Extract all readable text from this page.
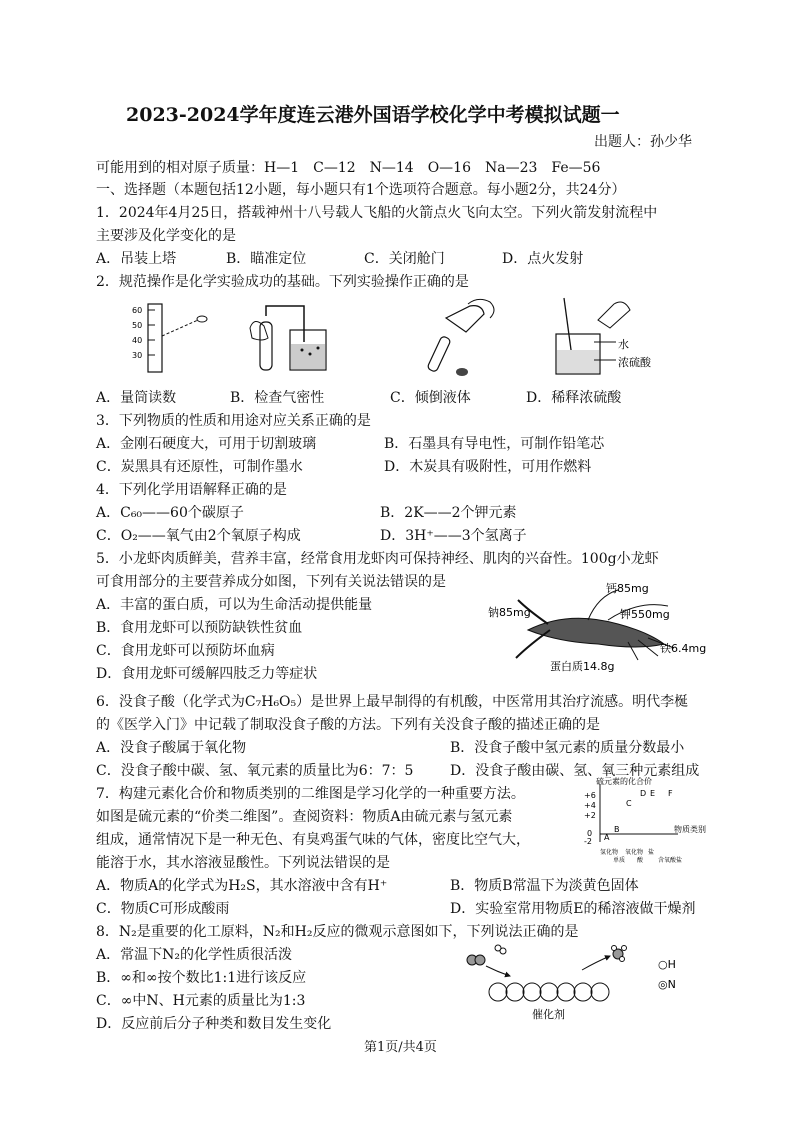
2023-2024学年度连云港外国语学校化学中考模拟试题一
出题人：孙少华
可能用到的相对原子质量：H—1　C—12　N—14　O—16　Na—23　Fe—56
一、选择题（本题包括12小题，每小题只有1个选项符合题意。每小题2分，共24分）
1．2024年4月25日，搭载神州十八号载人飞船的火箭点火飞向太空。下列火箭发射流程中
主要涉及化学变化的是
A．吊装上塔	B．瞄准定位	C．关闭舱门	D．点火发射
2．规范操作是化学实验成功的基础。下列实验操作正确的是
60
50
40
30
水
浓硫酸
A．量筒读数	B．检查气密性	C．倾倒液体	D．稀释浓硫酸
3．下列物质的性质和用途对应关系正确的是
A．金刚石硬度大，可用于切割玻璃	B．石墨具有导电性，可制作铅笔芯
C．炭黑具有还原性，可制作墨水	D．木炭具有吸附性，可用作燃料
4．下列化学用语解释正确的是
A．C₆₀——60个碳原子	B．2K——2个钾元素
C．O₂——氧气由2个氧原子构成	D．3H⁺——3个氢离子
5．小龙虾肉质鲜美，营养丰富，经常食用龙虾肉可保持神经、肌肉的兴奋性。100g小龙虾
可食用部分的主要营养成分如图，下列有关说法错误的是
A．丰富的蛋白质，可以为生命活动提供能量
B．食用龙虾可以预防缺铁性贫血
C．食用龙虾可以预防坏血病
D．食用龙虾可缓解四肢乏力等症状
钙85mg
钠85mg	钾550mg
铁6.4mg
蛋白质14.8g
6．没食子酸（化学式为C₇H₆O₅）是世界上最早制得的有机酸，中医常用其治疗流感。明代李梴
的《医学入门》中记载了制取没食子酸的方法。下列有关没食子酸的描述正确的是
A．没食子酸属于氧化物	B．没食子酸中氢元素的质量分数最小
C．没食子酸中碳、氢、氧元素的质量比为6：7：5	D．没食子酸由碳、氢、氧三种元素组成
7．构建元素化合价和物质类别的二维图是学习化学的一种重要方法。
如图是硫元素的“价类二维图”。查阅资料：物质A由硫元素与氢元素
组成，通常情况下是一种无色、有臭鸡蛋气味的气体，密度比空气大，
能溶于水，其水溶液显酸性。下列说法错误的是
A．物质A的化学式为H₂S，其水溶液中含有H⁺	B．物质B常温下为淡黄色固体
C．物质C可形成酸雨	D．实验室常用物质E的稀溶液做干燥剂
硫元素的化合价
+6
+4
+2
0
-2 A
B
C
D E F
物质类别
氢化物
单质
氧化物
酸
盐
含氧酸盐
8．N₂是重要的化工原料，N₂和H₂反应的微观示意图如下，下列说法正确的是
A．常温下N₂的化学性质很活泼
B．∞和∞按个数比1:1进行该反应
C．∞中N、H元素的质量比为1:3
D．反应前后分子种类和数目发生变化
催化剂
○H
◎N
第1页/共4页
